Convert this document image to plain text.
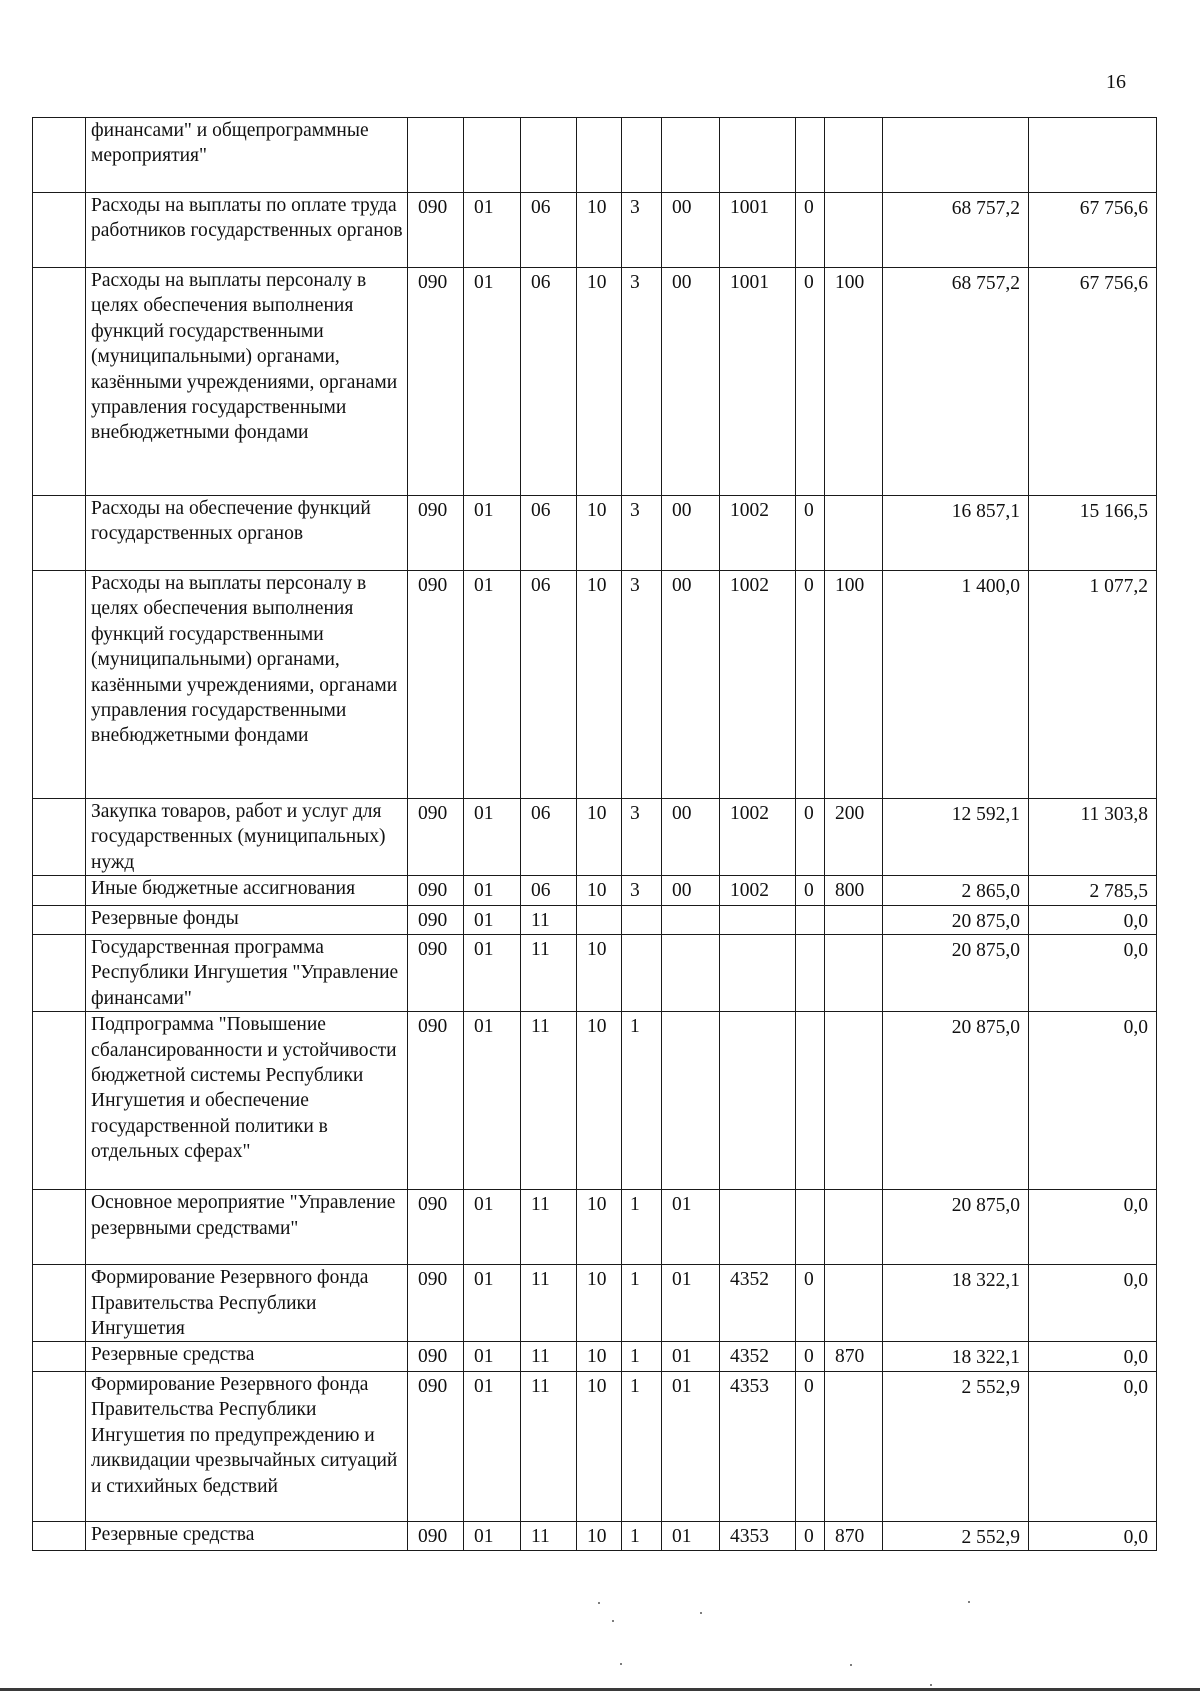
16
	финансами" и общепрограммные мероприятия"											
	Расходы на выплаты по оплате труда работников государственных органов	090	01	06	10	3	00	1001	0		68 757,2	67 756,6
	Расходы на выплаты персоналу в целях обеспечения выполнения функций государственными (муниципальными) органами, казёнными учреждениями, органами управления государственными внебюджетными фондами	090	01	06	10	3	00	1001	0	100	68 757,2	67 756,6
	Расходы на обеспечение функций государственных органов	090	01	06	10	3	00	1002	0		16 857,1	15 166,5
	Расходы на выплаты персоналу в целях обеспечения выполнения функций государственными (муниципальными) органами, казёнными учреждениями, органами управления государственными внебюджетными фондами	090	01	06	10	3	00	1002	0	100	1 400,0	1 077,2
	Закупка товаров, работ и услуг для государственных (муниципальных) нужд	090	01	06	10	3	00	1002	0	200	12 592,1	11 303,8
	Иные бюджетные ассигнования	090	01	06	10	3	00	1002	0	800	2 865,0	2 785,5
	Резервные фонды	090	01	11							20 875,0	0,0
	Государственная программа Республики Ингушетия "Управление финансами"	090	01	11	10						20 875,0	0,0
	Подпрограмма "Повышение сбалансированности и устойчивости бюджетной системы Республики Ингушетия и обеспечение государственной политики в отдельных сферах"	090	01	11	10	1					20 875,0	0,0
	Основное мероприятие "Управление резервными средствами"	090	01	11	10	1	01				20 875,0	0,0
	Формирование Резервного фонда Правительства Республики Ингушетия	090	01	11	10	1	01	4352	0		18 322,1	0,0
	Резервные средства	090	01	11	10	1	01	4352	0	870	18 322,1	0,0
	Формирование Резервного фонда Правительства Республики Ингушетия по предупреждению и ликвидации чрезвычайных ситуаций и стихийных бедствий	090	01	11	10	1	01	4353	0		2 552,9	0,0
	Резервные средства	090	01	11	10	1	01	4353	0	870	2 552,9	0,0
